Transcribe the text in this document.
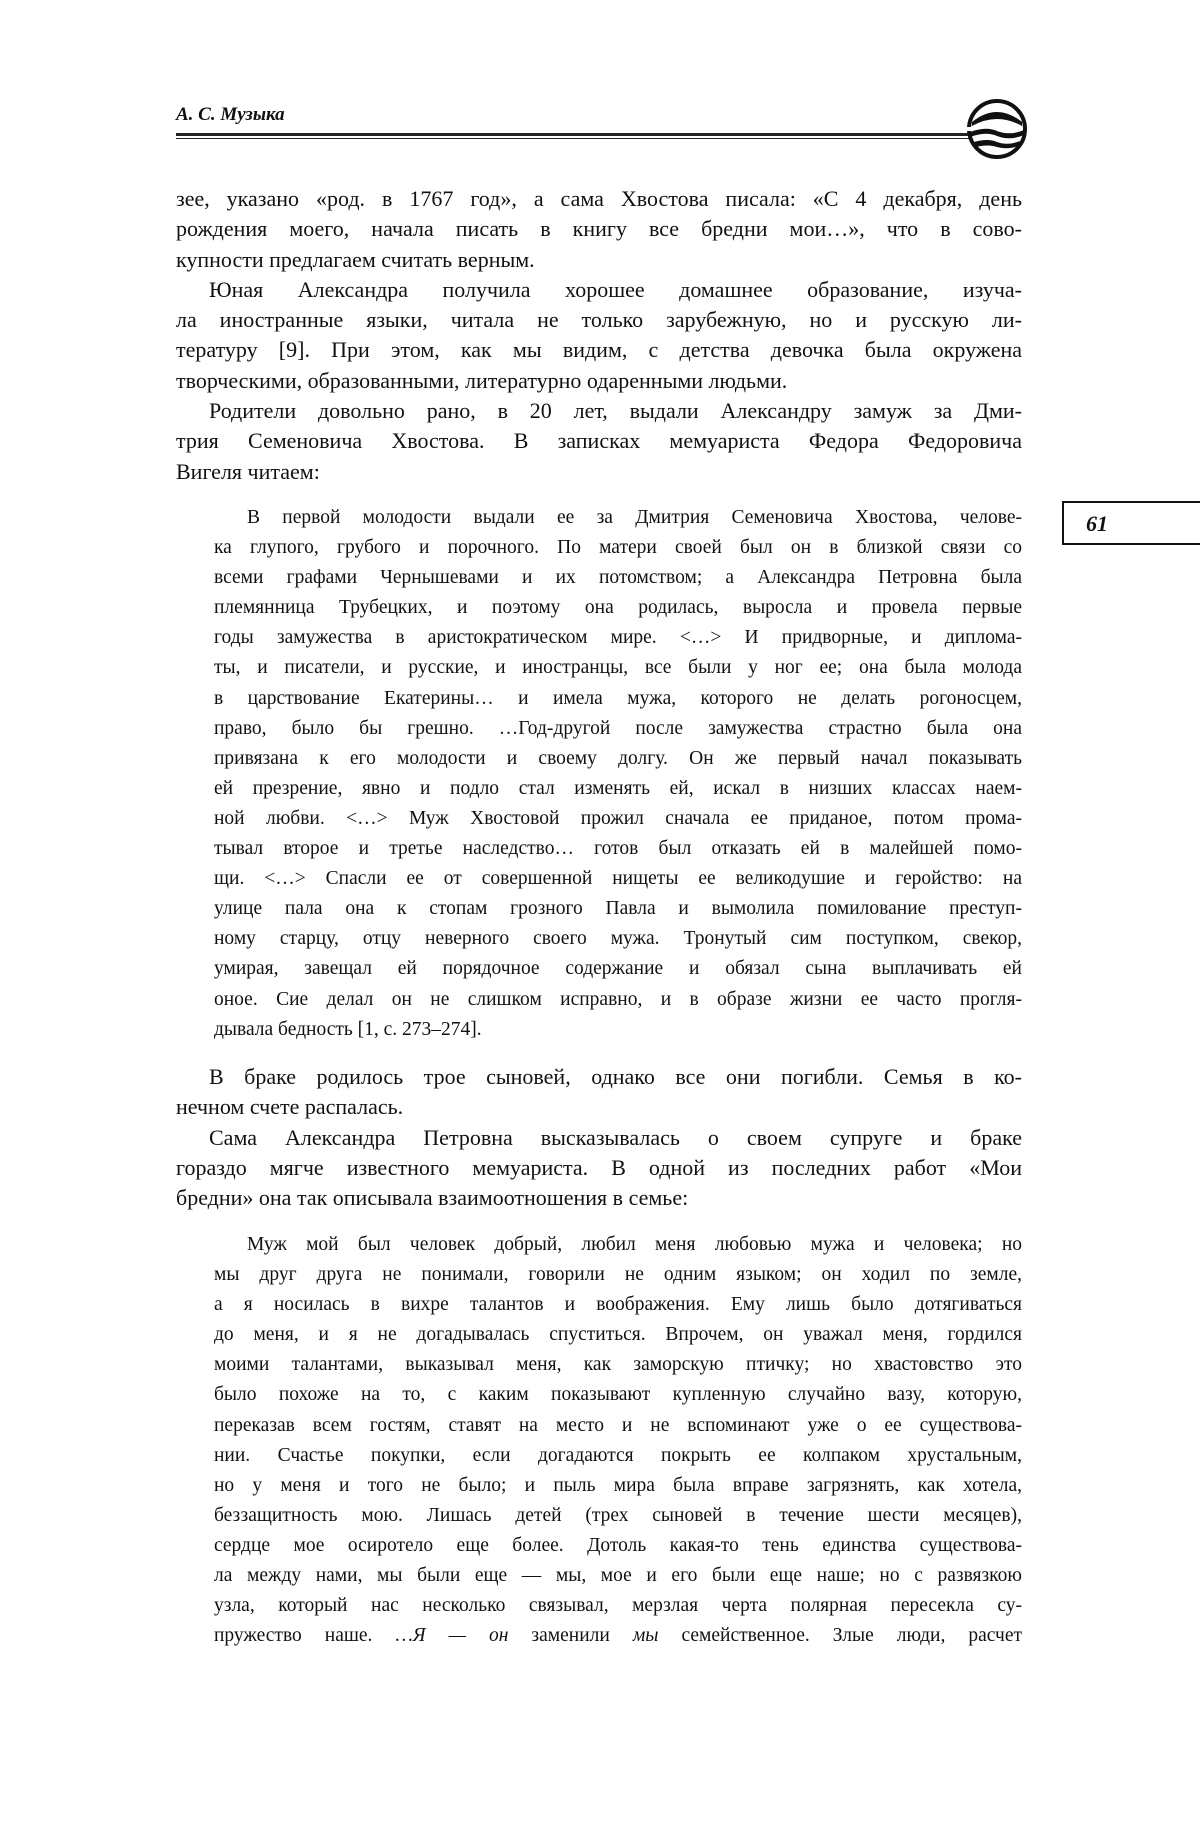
А. С. Музыка
61
зее, указано «род. в 1767 год», а сама Хвостова писала: «С 4 декабря, день
рождения моего, начала писать в книгу все бредни мои…», что в сово-
купности предлагаем считать верным.
Юная Александра получила хорошее домашнее образование, изуча-
ла иностранные языки, читала не только зарубежную, но и русскую ли-
тературу [9]. При этом, как мы видим, с детства девочка была окружена
творческими, образованными, литературно одаренными людьми.
Родители довольно рано, в 20 лет, выдали Александру замуж за Дми-
трия Семеновича Хвостова. В записках мемуариста Федора Федоровича
Вигеля читаем:
В первой молодости выдали ее за Дмитрия Семеновича Хвостова, челове-
ка глупого, грубого и порочного. По матери своей был он в близкой связи со
всеми графами Чернышевами и их потомством; а Александра Петровна была
племянница Трубецких, и поэтому она родилась, выросла и провела первые
годы замужества в аристократическом мире. <…> И придворные, и диплома-
ты, и писатели, и русские, и иностранцы, все были у ног ее; она была молода
в царствование Екатерины… и имела мужа, которого не делать рогоносцем,
право, было бы грешно. …Год-другой после замужества страстно была она
привязана к его молодости и своему долгу. Он же первый начал показывать
ей презрение, явно и подло стал изменять ей, искал в низших классах наем-
ной любви. <…> Муж Хвостовой прожил сначала ее приданое, потом прома-
тывал второе и третье наследство… готов был отказать ей в малейшей помо-
щи. <…> Спасли ее от совершенной нищеты ее великодушие и геройство: на
улице пала она к стопам грозного Павла и вымолила помилование преступ-
ному старцу, отцу неверного своего мужа. Тронутый сим поступком, свекор,
умирая, завещал ей порядочное содержание и обязал сына выплачивать ей
оное. Сие делал он не слишком исправно, и в образе жизни ее часто прогля-
дывала бедность [1, с. 273–274].
В браке родилось трое сыновей, однако все они погибли. Семья в ко-
нечном счете распалась.
Сама Александра Петровна высказывалась о своем супруге и браке
гораздо мягче известного мемуариста. В одной из последних работ «Мои
бредни» она так описывала взаимоотношения в семье:
Муж мой был человек добрый, любил меня любовью мужа и человека; но
мы друг друга не понимали, говорили не одним языком; он ходил по земле,
а я носилась в вихре талантов и воображения. Ему лишь было дотягиваться
до меня, и я не догадывалась спуститься. Впрочем, он уважал меня, гордился
моими талантами, выказывал меня, как заморскую птичку; но хвастовство это
было похоже на то, с каким показывают купленную случайно вазу, которую,
переказав всем гостям, ставят на место и не вспоминают уже о ее существова-
нии. Счастье покупки, если догадаются покрыть ее колпаком хрустальным,
но у меня и того не было; и пыль мира была вправе загрязнять, как хотела,
беззащитность мою. Лишась детей (трех сыновей в течение шести месяцев),
сердце мое осиротело еще более. Дотоль какая-то тень единства существова-
ла между нами, мы были еще — мы, мое и его были еще наше; но с развязкою
узла, который нас несколько связывал, мерзлая черта полярная пересекла су-
пружество наше. …Я — он заменили мы семейственное. Злые люди, расчет
